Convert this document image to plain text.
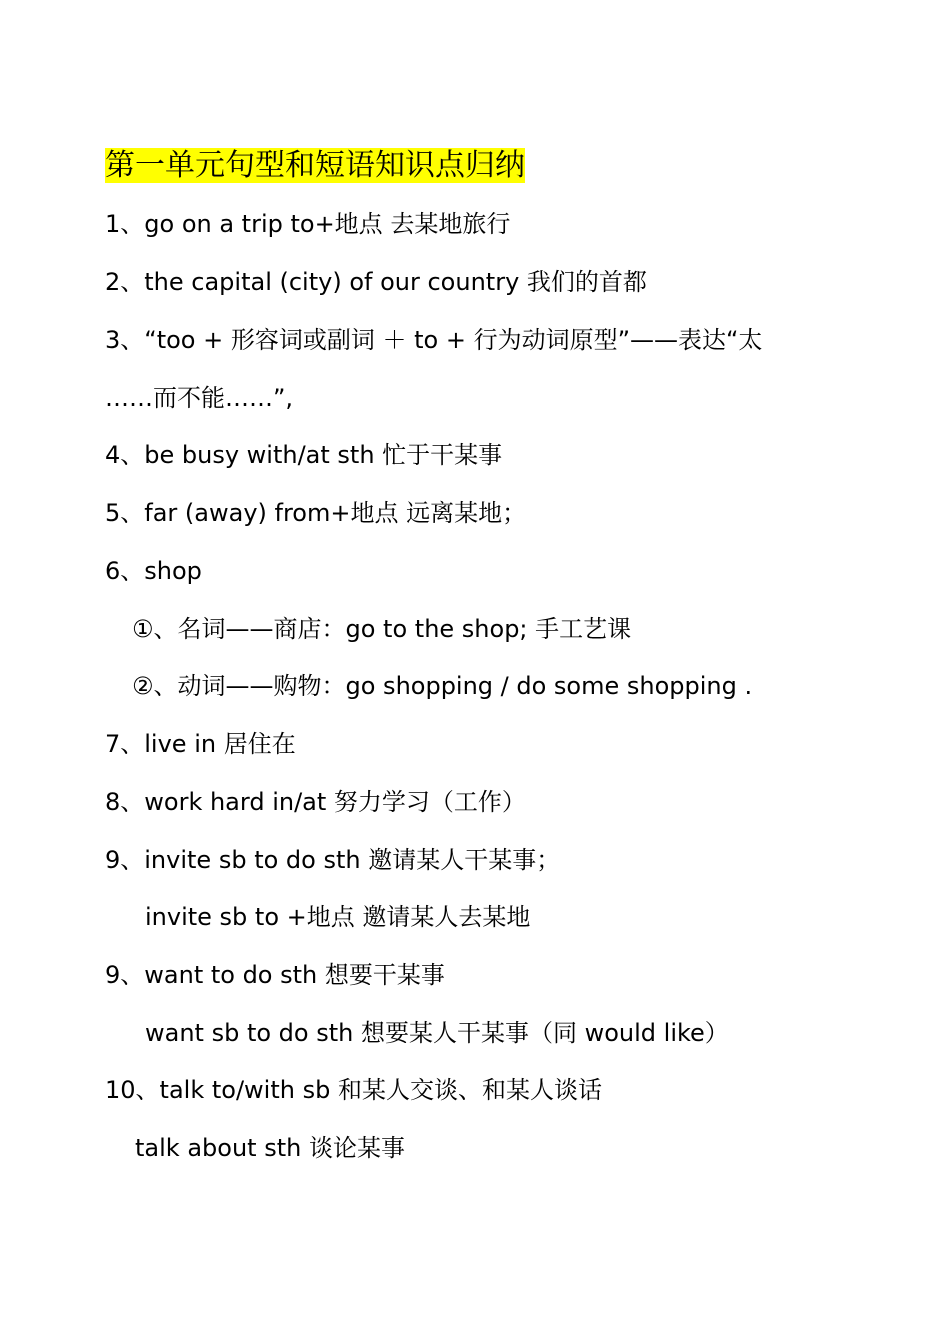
第一单元句型和短语知识点归纳
1、go on a trip to+地点 去某地旅行
2、the capital (city) of our country 我们的首都
3、“too + 形容词或副词 ＋ to + 行为动词原型”——表达“太
……而不能……”,
4、be busy with/at sth 忙于干某事
5、far (away) from+地点 远离某地；
6、shop
①、名词——商店：go to the shop; 手工艺课
②、动词——购物：go shopping / do some shopping .
7、live in 居住在
8、work hard in/at 努力学习（工作）
9、invite sb to do sth 邀请某人干某事；
invite sb to +地点 邀请某人去某地
9、want to do sth 想要干某事
want sb to do sth 想要某人干某事（同 would like）
10、talk to/with sb 和某人交谈、和某人谈话
talk about sth 谈论某事
